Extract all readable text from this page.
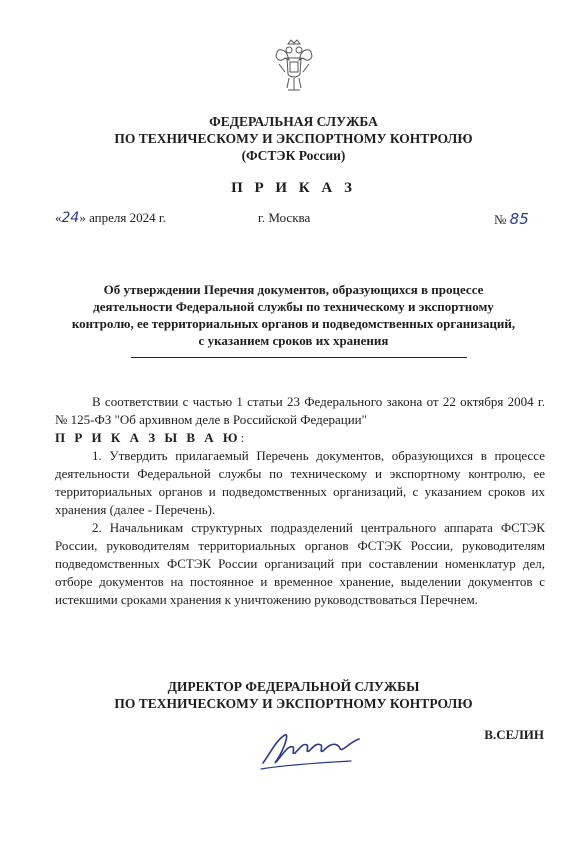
ФЕДЕРАЛЬНАЯ СЛУЖБА
ПО ТЕХНИЧЕСКОМУ И ЭКСПОРТНОМУ КОНТРОЛЮ
(ФСТЭК России)
П Р И К А З
«24» апреля 2024 г.	г. Москва	№ 85
Об утверждении Перечня документов, образующихся в процессе
деятельности Федеральной службы по техническому и экспортному
контролю, ее территориальных органов и подведомственных организаций,
с указанием сроков их хранения

В соответствии с частью 1 статьи 23 Федерального закона от 22 октября 2004 г. № 125-ФЗ "Об архивном деле в Российской Федерации"

П Р И К А З Ы В А Ю:

1. Утвердить прилагаемый Перечень документов, образующихся в процессе деятельности Федеральной службы по техническому и экспортному контролю, ее территориальных органов и подведомственных организаций, с указанием сроков их хранения (далее - Перечень).

2. Начальникам структурных подразделений центрального аппарата ФСТЭК России, руководителям территориальных органов ФСТЭК России, руководителям подведомственных ФСТЭК России организаций при составлении номенклатур дел, отборе документов на постоянное и временное хранение, выделении документов с истекшими сроками хранения к уничтожению руководствоваться Перечнем.

ДИРЕКТОР ФЕДЕРАЛЬНОЙ СЛУЖБЫ
ПО ТЕХНИЧЕСКОМУ И ЭКСПОРТНОМУ КОНТРОЛЮ
В.СЕЛИН
